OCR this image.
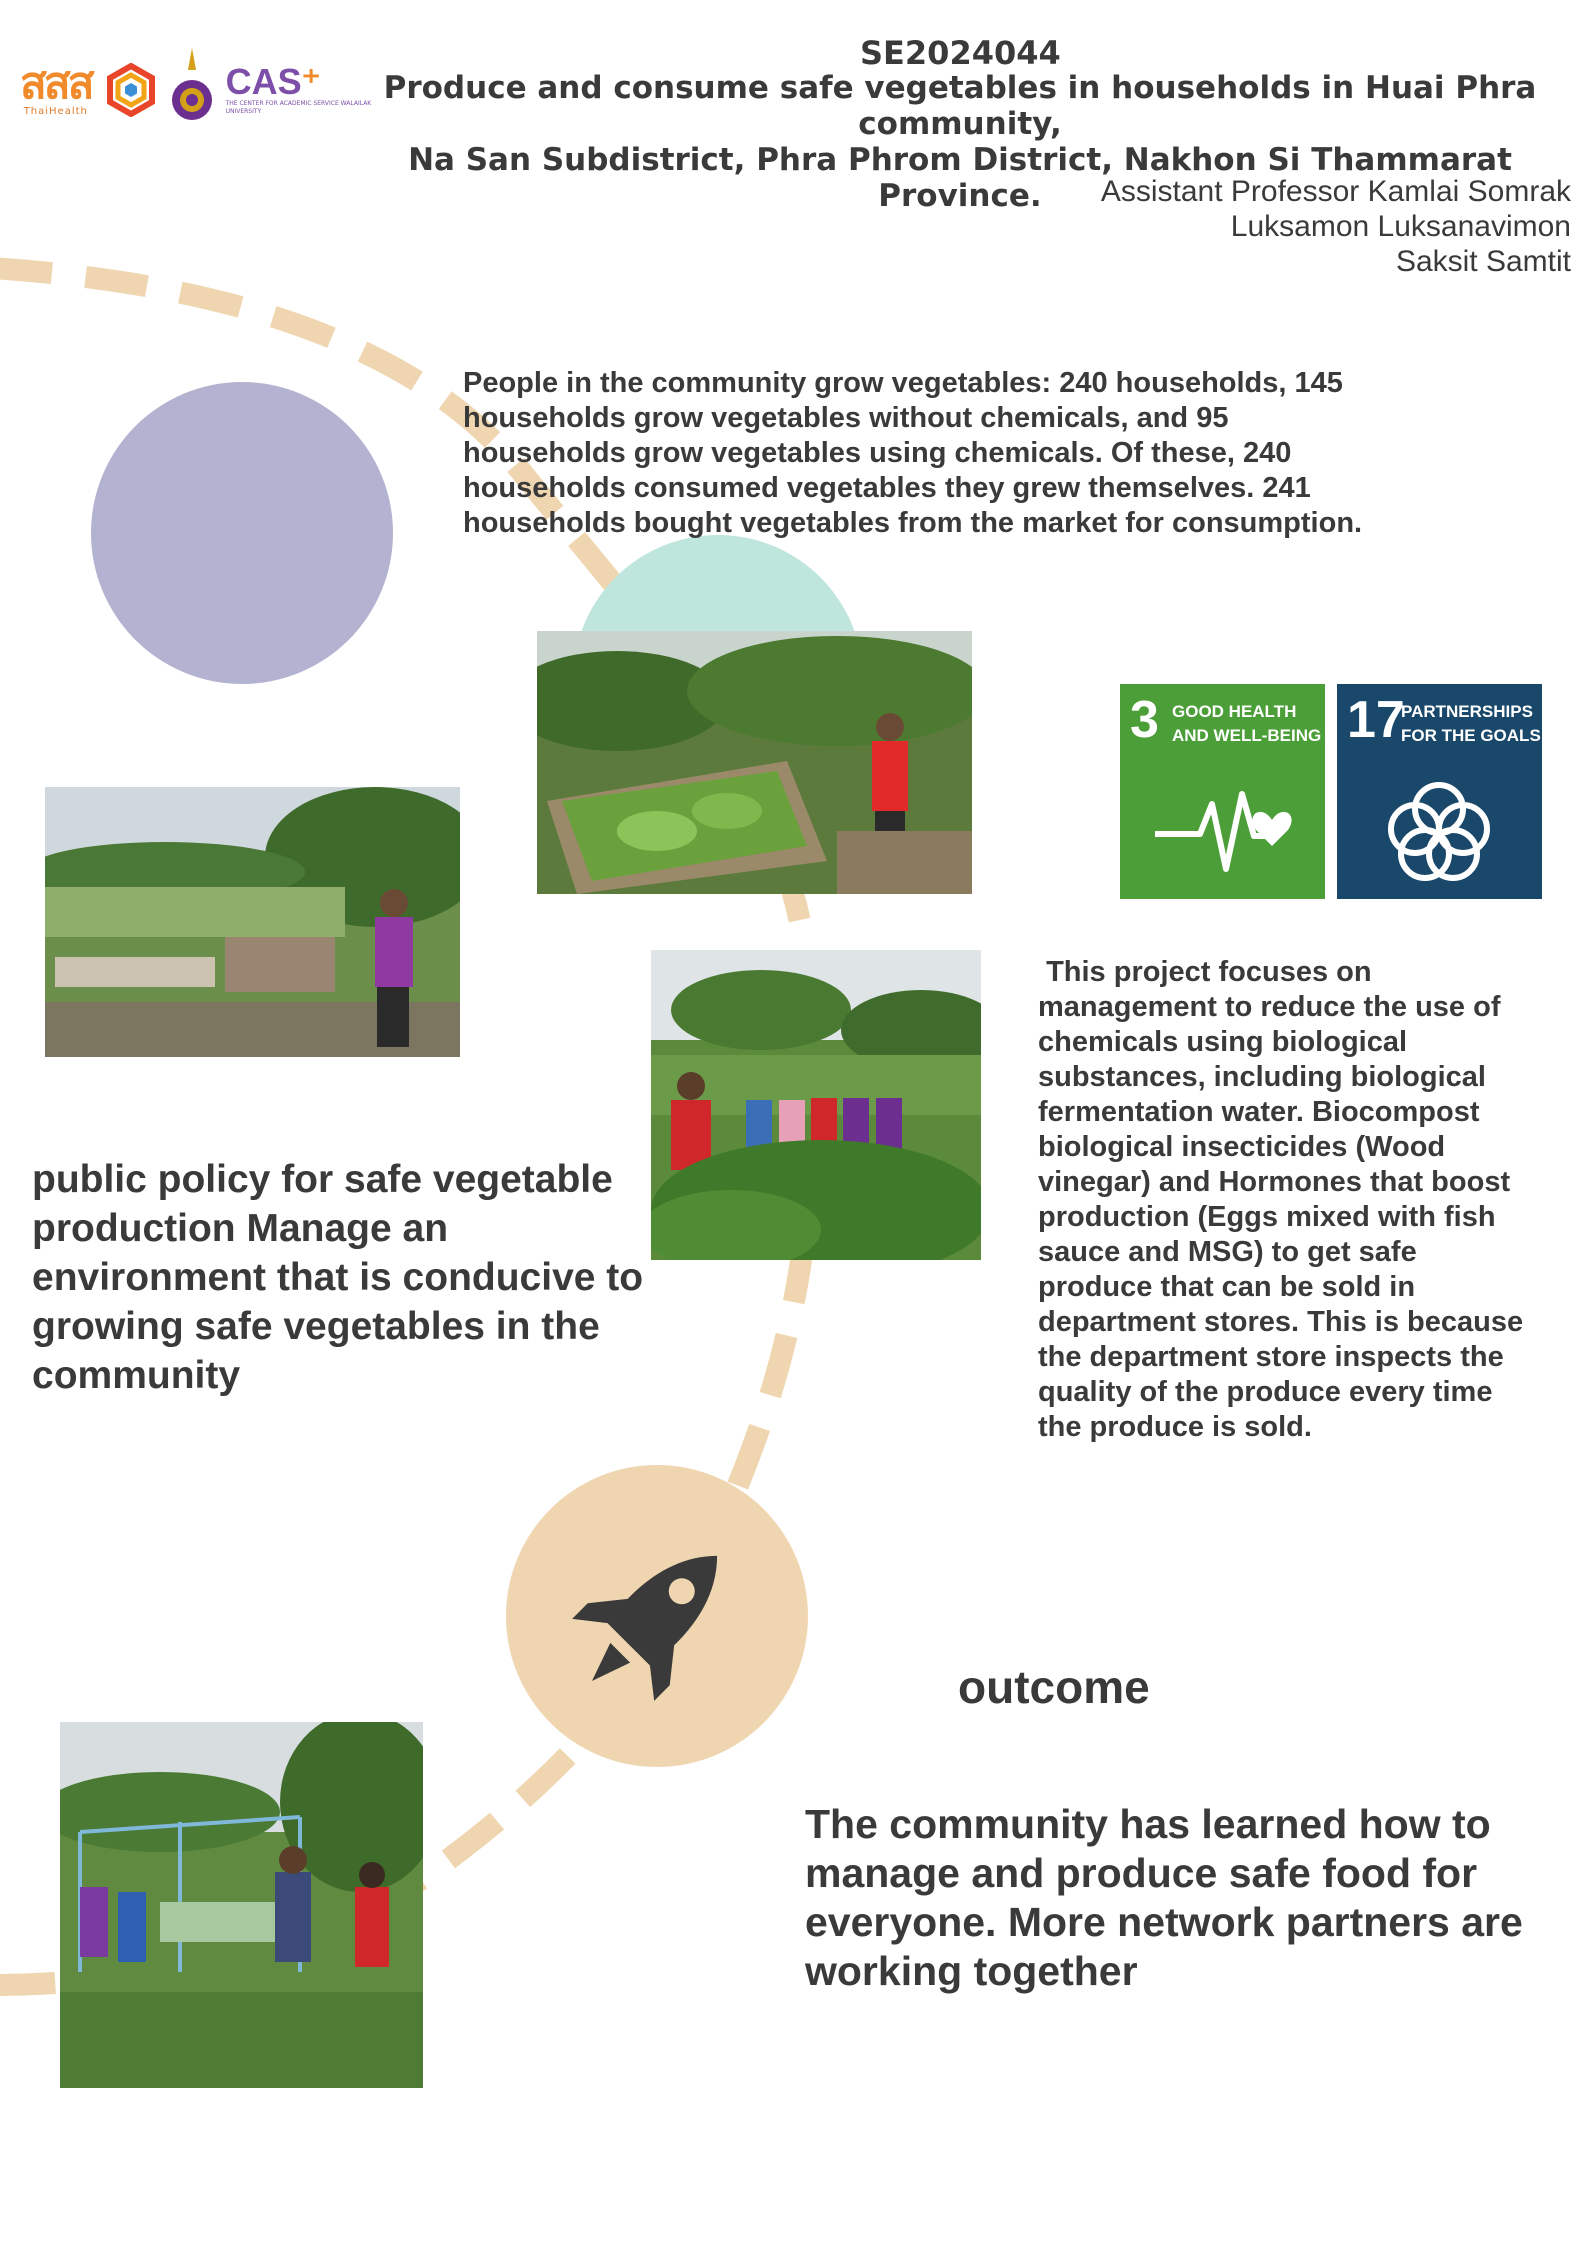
สสส
ThaiHealth
CAS⁺
THE CENTER FOR ACADEMIC SERVICE WALAILAK UNIVERSITY
SE2024044
Produce and consume safe vegetables in households in Huai Phra community,
Na San Subdistrict, Phra Phrom District, Nakhon Si Thammarat Province.	Assistant Professor Kamlai Somrak
Luksamon Luksanavimon
Saksit Samtit
People in the community grow vegetables: 240 households, 145 households grow vegetables without chemicals, and 95 households grow vegetables using chemicals. Of these, 240 households consumed vegetables they grew themselves. 241 households bought vegetables from the market for consumption.
3 GOOD HEALTH AND WELL-BEING 17
PARTNERSHIPS FOR THE GOALS
This project focuses on management to reduce the use of chemicals using biological substances, including biological fermentation water. Biocompost biological insecticides (Wood vinegar) and Hormones that boost production (Eggs mixed with fish sauce and MSG) to get safe produce that can be sold in department stores. This is because the department store inspects the quality of the produce every time the produce is sold.
public policy for safe vegetable production Manage an environment that is conducive to growing safe vegetables in the community
outcome
The community has learned how to manage and produce safe food for everyone. More network partners are working together
